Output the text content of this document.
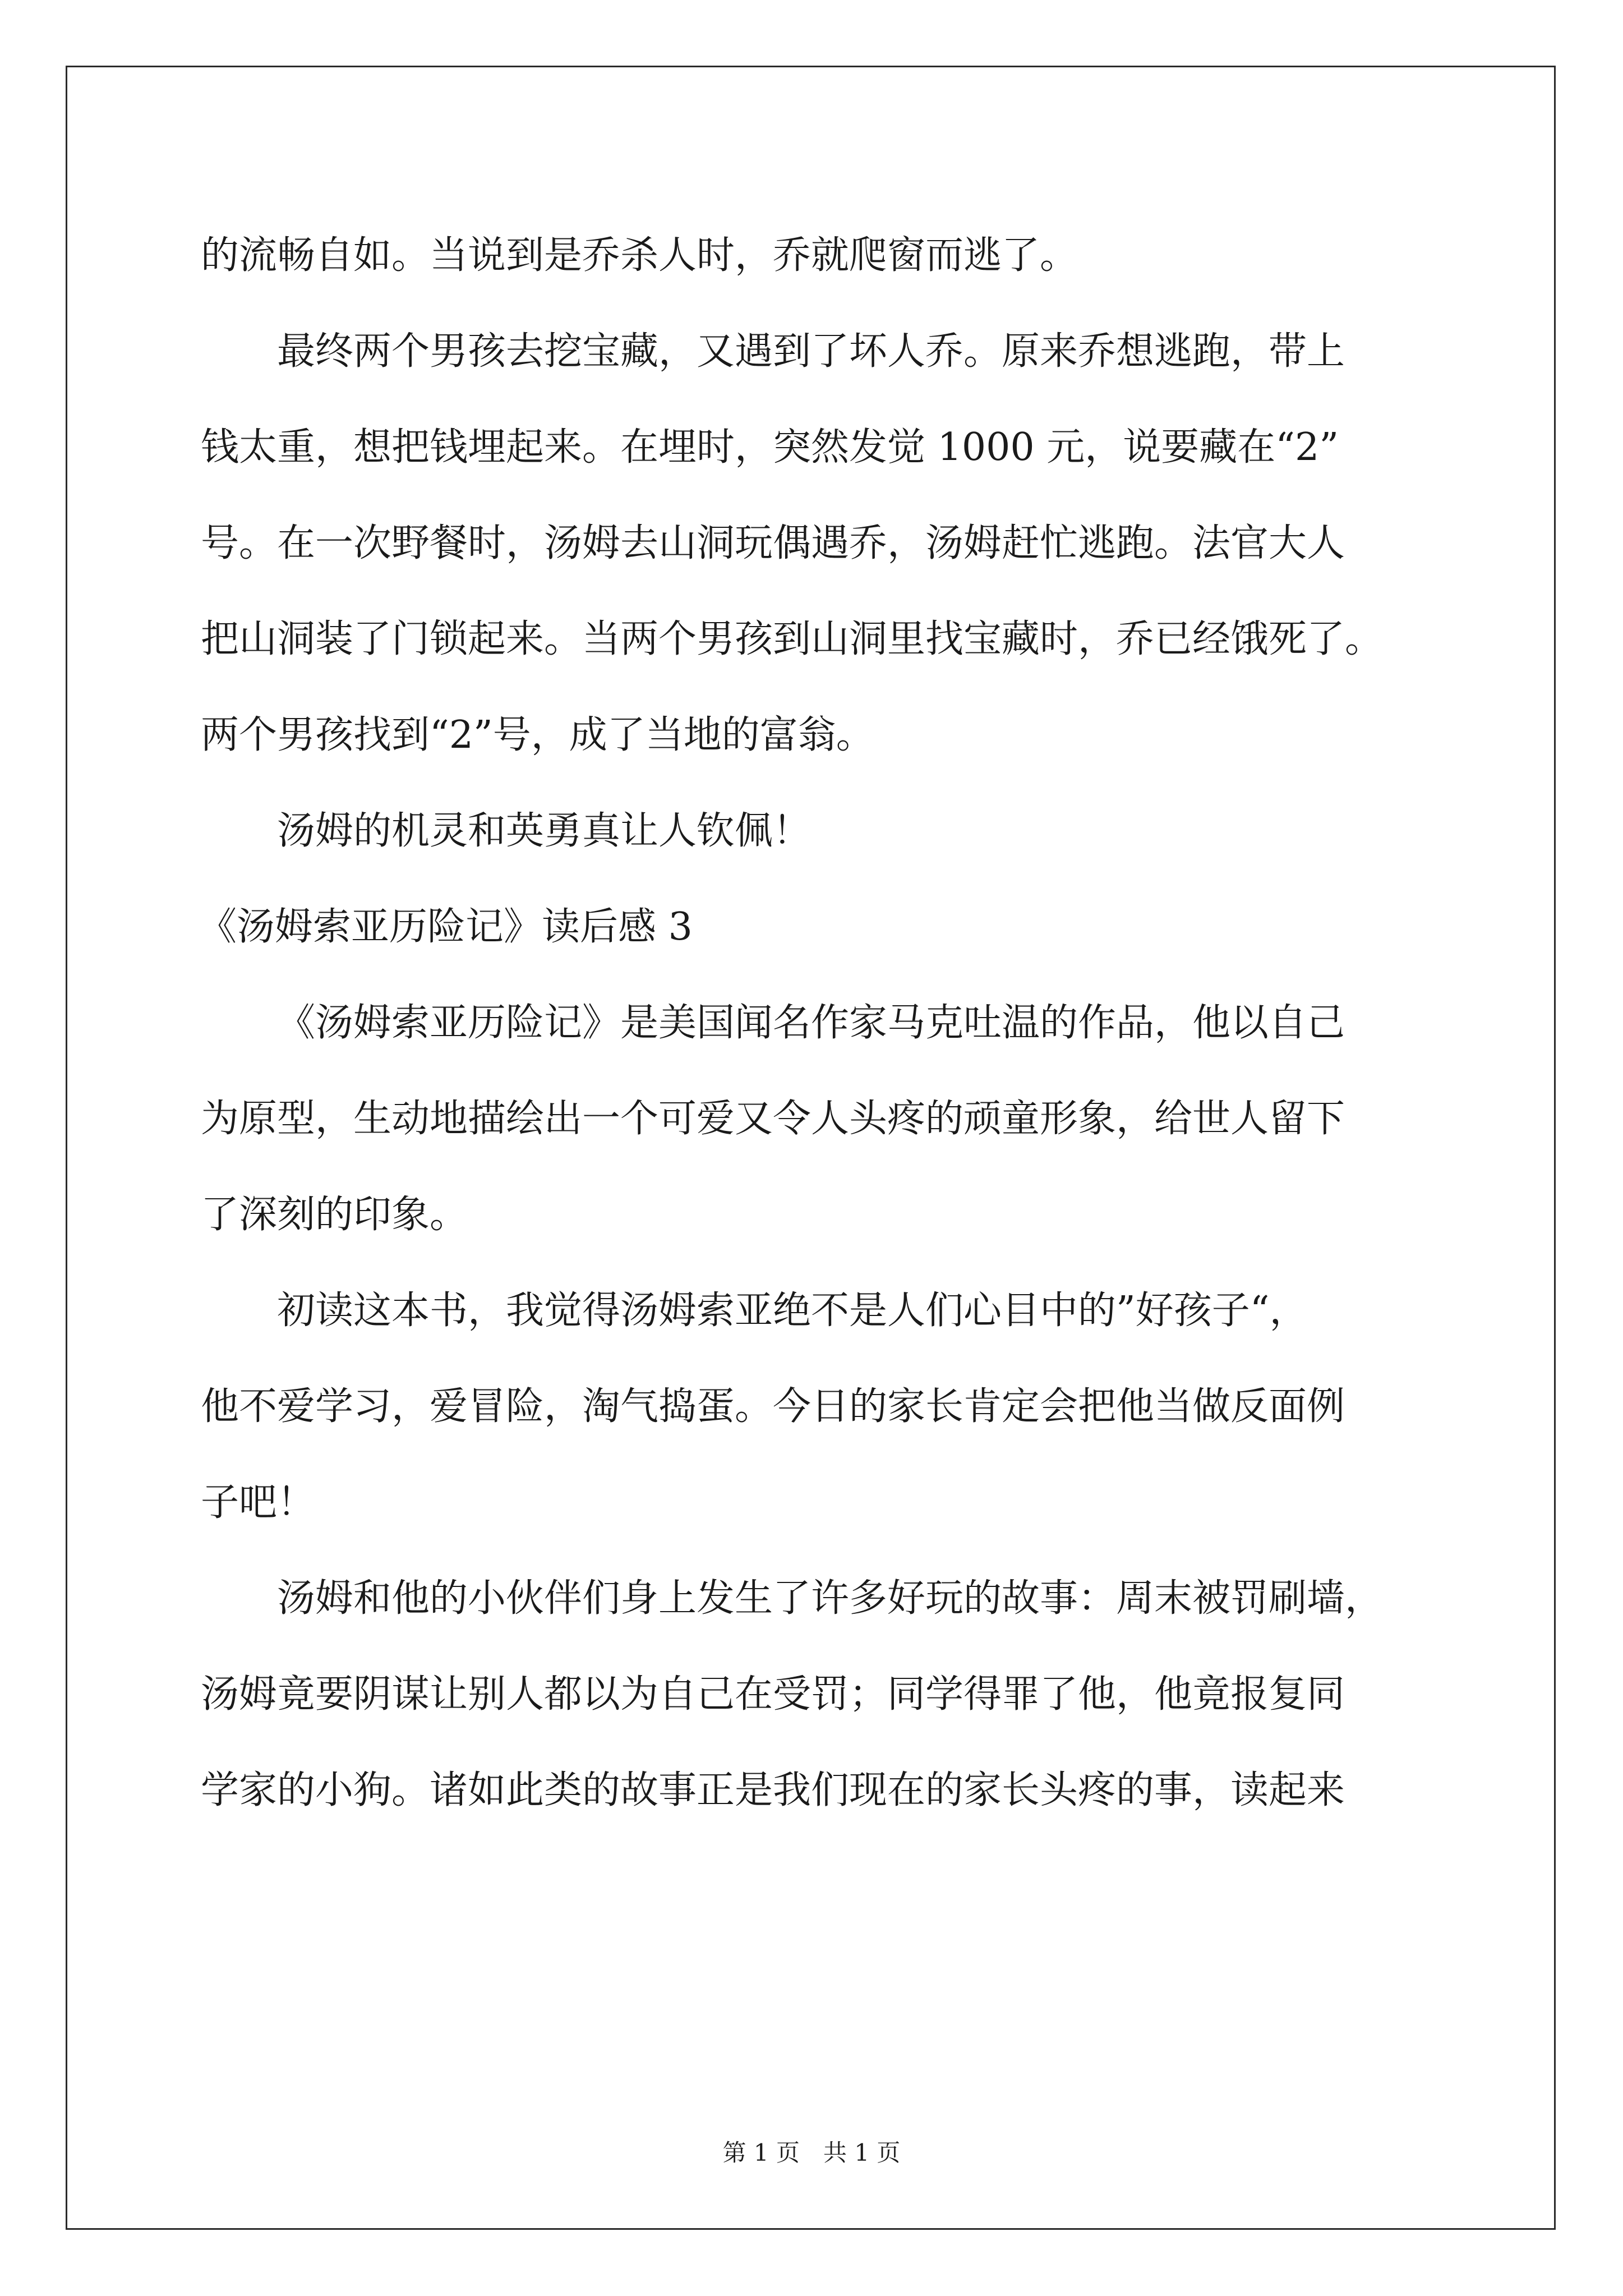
的流畅自如。当说到是乔杀人时，乔就爬窗而逃了。
最终两个男孩去挖宝藏，又遇到了坏人乔。原来乔想逃跑，带上
钱太重，想把钱埋起来。在埋时，突然发觉 1000 元，说要藏在“2”
号。在一次野餐时，汤姆去山洞玩偶遇乔，汤姆赶忙逃跑。法官大人
把山洞装了门锁起来。当两个男孩到山洞里找宝藏时，乔已经饿死了。
两个男孩找到“2”号，成了当地的富翁。
汤姆的机灵和英勇真让人钦佩！
《汤姆索亚历险记》读后感 3
《汤姆索亚历险记》是美国闻名作家马克吐温的作品，他以自己
为原型，生动地描绘出一个可爱又令人头疼的顽童形象，给世人留下
了深刻的印象。
初读这本书，我觉得汤姆索亚绝不是人们心目中的”好孩子“，
他不爱学习，爱冒险，淘气捣蛋。今日的家长肯定会把他当做反面例
子吧！
汤姆和他的小伙伴们身上发生了许多好玩的故事：周末被罚刷墙，
汤姆竟要阴谋让别人都以为自己在受罚；同学得罪了他，他竟报复同
学家的小狗。诸如此类的故事正是我们现在的家长头疼的事，读起来
第 1 页　共 1 页
